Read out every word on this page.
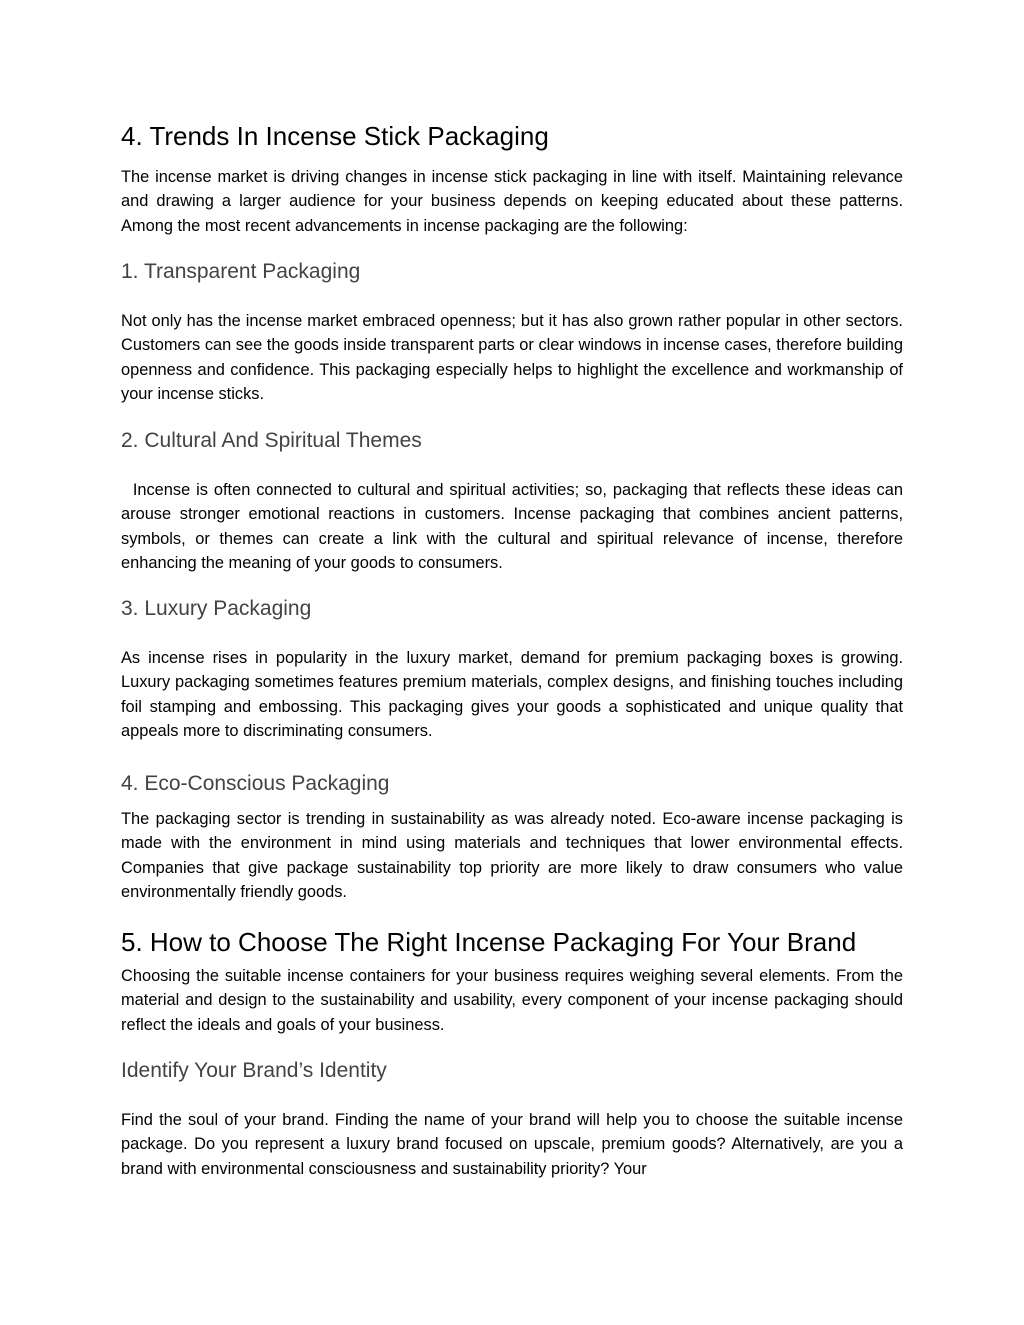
4. Trends In Incense Stick Packaging

The incense market is driving changes in incense stick packaging in line with itself. Maintaining relevance and drawing a larger audience for your business depends on keeping educated about these patterns. Among the most recent advancements in incense packaging are the following:

1. Transparent Packaging

Not only has the incense market embraced openness; but it has also grown rather popular in other sectors. Customers can see the goods inside transparent parts or clear windows in incense cases, therefore building openness and confidence. This packaging especially helps to highlight the excellence and workmanship of your incense sticks.

2. Cultural And Spiritual Themes

Incense is often connected to cultural and spiritual activities; so, packaging that reflects these ideas can arouse stronger emotional reactions in customers. Incense packaging that combines ancient patterns, symbols, or themes can create a link with the cultural and spiritual relevance of incense, therefore enhancing the meaning of your goods to consumers.

3. Luxury Packaging

As incense rises in popularity in the luxury market, demand for premium packaging boxes is growing. Luxury packaging sometimes features premium materials, complex designs, and finishing touches including foil stamping and embossing. This packaging gives your goods a sophisticated and unique quality that appeals more to discriminating consumers.

4. Eco-Conscious Packaging

The packaging sector is trending in sustainability as was already noted. Eco-aware incense packaging is made with the environment in mind using materials and techniques that lower environmental effects. Companies that give package sustainability top priority are more likely to draw consumers who value environmentally friendly goods.

5. How to Choose The Right Incense Packaging For Your Brand

Choosing the suitable incense containers for your business requires weighing several elements. From the material and design to the sustainability and usability, every component of your incense packaging should reflect the ideals and goals of your business.

Identify Your Brand’s Identity

Find the soul of your brand. Finding the name of your brand will help you to choose the suitable incense package. Do you represent a luxury brand focused on upscale, premium goods? Alternatively, are you a brand with environmental consciousness and sustainability priority? Your
